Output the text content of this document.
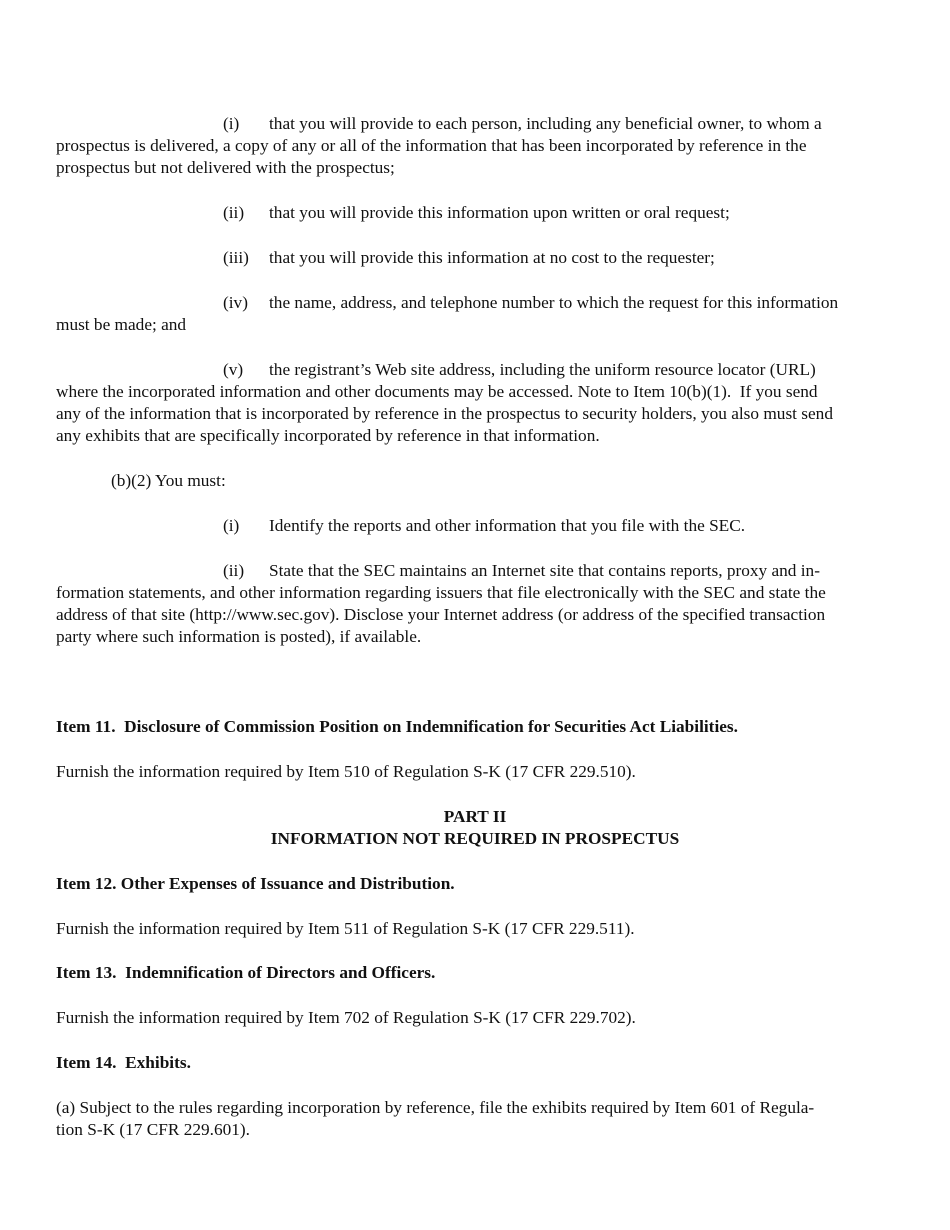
(i) that you will provide to each person, including any beneficial owner, to whom a
prospectus is delivered, a copy of any or all of the information that has been incorporated by reference in the
prospectus but not delivered with the prospectus;
(ii) that you will provide this information upon written or oral request;
(iii) that you will provide this information at no cost to the requester;
(iv) the name, address, and telephone number to which the request for this information
must be made; and
(v) the registrant’s Web site address, including the uniform resource locator (URL)
where the incorporated information and other documents may be accessed. Note to Item 10(b)(1).  If you send
any of the information that is incorporated by reference in the prospectus to security holders, you also must send
any exhibits that are specifically incorporated by reference in that information.
(b)(2) You must:
(i) Identify the reports and other information that you file with the SEC.
(ii) State that the SEC maintains an Internet site that contains reports, proxy and in-
formation statements, and other information regarding issuers that file electronically with the SEC and state the
address of that site (http://www.sec.gov). Disclose your Internet address (or address of the specified transaction
party where such information is posted), if available.
Item 11.  Disclosure of Commission Position on Indemnification for Securities Act Liabilities.
Furnish the information required by Item 510 of Regulation S-K (17 CFR 229.510).
PART II
INFORMATION NOT REQUIRED IN PROSPECTUS
Item 12. Other Expenses of Issuance and Distribution.
Furnish the information required by Item 511 of Regulation S-K (17 CFR 229.511).
Item 13.  Indemnification of Directors and Officers.
Furnish the information required by Item 702 of Regulation S-K (17 CFR 229.702).
Item 14.  Exhibits.
(a) Subject to the rules regarding incorporation by reference, file the exhibits required by Item 601 of Regula-
tion S-K (17 CFR 229.601).
